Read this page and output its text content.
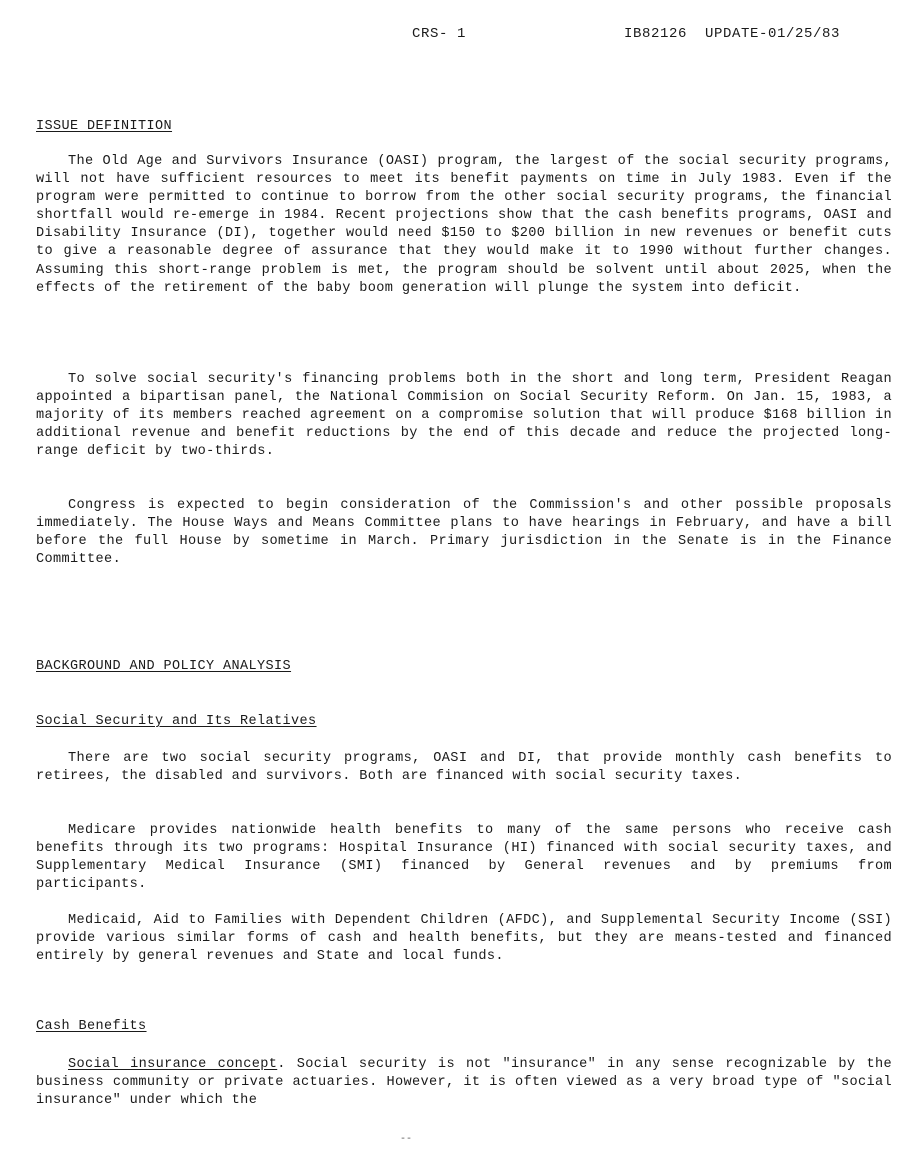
CRS- 1	IB82126  UPDATE-01/25/83
ISSUE DEFINITION

The Old Age and Survivors Insurance (OASI) program, the largest of the social security programs, will not have sufficient resources to meet its benefit payments on time in July 1983. Even if the program were permitted to continue to borrow from the other social security programs, the financial shortfall would re-emerge in 1984. Recent projections show that the cash benefits programs, OASI and Disability Insurance (DI), together would need $150 to $200 billion in new revenues or benefit cuts to give a reasonable degree of assurance that they would make it to 1990 without further changes. Assuming this short-range problem is met, the program should be solvent until about 2025, when the effects of the retirement of the baby boom generation will plunge the system into deficit.

To solve social security's financing problems both in the short and long term, President Reagan appointed a bipartisan panel, the National Commision on Social Security Reform. On Jan. 15, 1983, a majority of its members reached agreement on a compromise solution that will produce $168 billion in additional revenue and benefit reductions by the end of this decade and reduce the projected long-range deficit by two-thirds.

Congress is expected to begin consideration of the Commission's and other possible proposals immediately. The House Ways and Means Committee plans to have hearings in February, and have a bill before the full House by sometime in March. Primary jurisdiction in the Senate is in the Finance Committee.

BACKGROUND AND POLICY ANALYSIS
Social Security and Its Relatives

There are two social security programs, OASI and DI, that provide monthly cash benefits to retirees, the disabled and survivors. Both are financed with social security taxes.

Medicare provides nationwide health benefits to many of the same persons who receive cash benefits through its two programs: Hospital Insurance (HI) financed with social security taxes, and Supplementary Medical Insurance (SMI) financed by General revenues and by premiums from participants.

Medicaid, Aid to Families with Dependent Children (AFDC), and Supplemental Security Income (SSI) provide various similar forms of cash and health benefits, but they are means-tested and financed entirely by general revenues and State and local funds.

Cash Benefits

Social insurance concept. Social security is not "insurance" in any sense recognizable by the business community or private actuaries. However, it is often viewed as a very broad type of "social insurance" under which the

--
